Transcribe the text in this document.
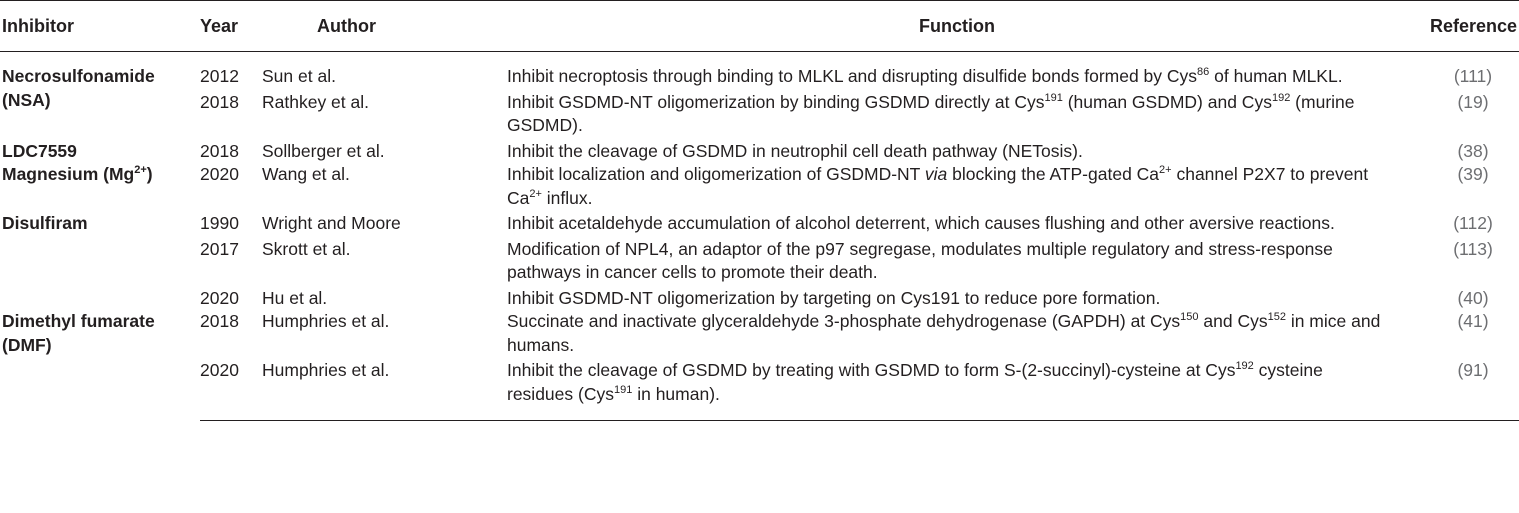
Inhibitor	Year	Author	Function	Reference
Necrosulfonamide (NSA)	2012	Sun et al.	Inhibit necroptosis through binding to MLKL and disrupting disulfide bonds formed by Cys$^{86}$ of human MLKL.	(111)
	2018	Rathkey et al.	Inhibit GSDMD-NT oligomerization by binding GSDMD directly at Cys$^{191}$ (human GSDMD) and Cys$^{192}$ (murine GSDMD).	(19)
LDC7559	2018	Sollberger et al.	Inhibit the cleavage of GSDMD in neutrophil cell death pathway (NETosis).	(38)
Magnesium $(Mg^{2+})$	2020	Wang et al.	Inhibit localization and oligomerization of GSDMD-NT via blocking the ATP-gated $Ca^{2+}$ channel P2X7 to prevent $Ca^{2+}$ influx.	(39)
Disulfiram	1990	Wright and Moore	Inhibit acetaldehyde accumulation of alcohol deterrent, which causes flushing and other aversive reactions.	(112)
	2017	Skrott et al.	Modification of NPL4, an adaptor of the p97 segregase, modulates multiple regulatory and stress-response pathways in cancer cells to promote their death.	(113)
	2020	Hu et al.	Inhibit GSDMD-NT oligomerization by targeting on Cys191 to reduce pore formation.	(40)
Dimethyl fumarate (DMF)	2018	Humphries et al.	Succinate and inactivate glyceraldehyde 3-phosphate dehydrogenase (GAPDH) at Cys$^{150}$ and Cys$^{152}$ in mice and humans.	(41)
	2020	Humphries et al.	Inhibit the cleavage of GSDMD by treating with GSDMD to form S-(2-succinyl)-cysteine at Cys$^{192}$ cysteine residues (Cys$^{191}$ in human).	(91)
